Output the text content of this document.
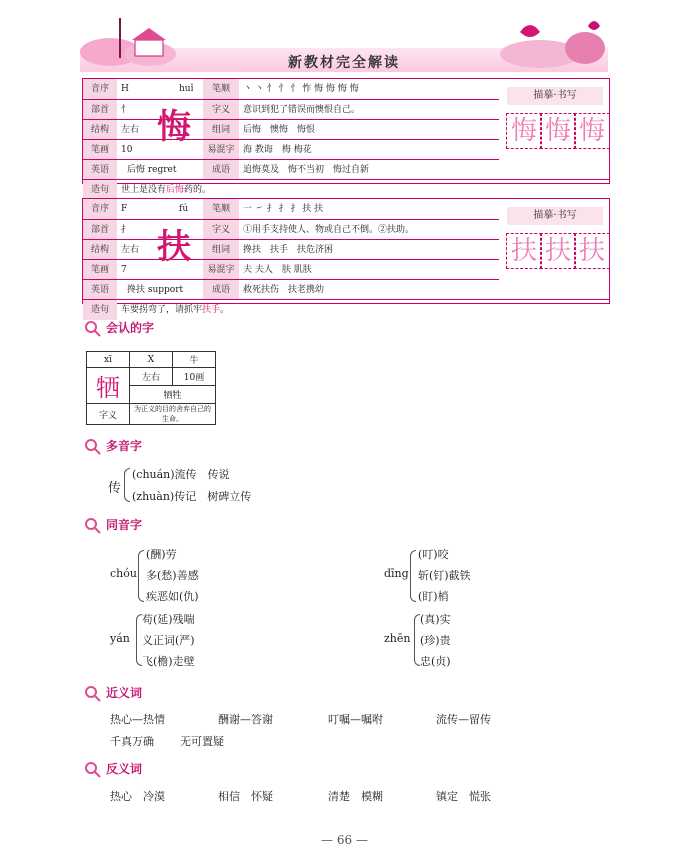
新教材完全解读
音序	H	huǐ	笔顺	丶 丶 忄 忄 忄 怍 悔 悔 悔 悔
部首	忄	字义	意识到犯了错误而懊恨自己。
结构	左右	组词	后悔　懊悔　悔恨
笔画	10	易混字 海 教诲　梅 梅花
英语	后悔 regret	成语	追悔莫及　悔不当初　悔过自新
悔
描摹·书写
悔 悔 悔
造句	世上是没有后悔药的。
音序	F	fú	笔顺	一 ㇀ 扌 扌 扌 扶 扶
部首	扌	字义	①用手支持使人、物或自己不倒。②扶助。
结构	左右	组词	搀扶　扶手　扶危济困
笔画	7	易混字 夫 夫人　肤 肌肤
英语	搀扶 support	成语	救死扶伤　扶老携幼
扶
描摹·书写
扶 扶 扶
造句	车要拐弯了，请抓牢扶手。
会认的字
xī	X	牛
牺	左右	10画
	牺牲	
字义	为正义的目的舍弃自己的生命。	
多音字
传
(chuán)流传　 传说
(zhuàn)传记　 树碑立传
同音字
chóu
(酬)劳
多(愁)善感
疾恶如(仇)
dīng
(叮)咬
斩(钉)截铁
(盯)梢
yán
苟(延)残喘
义正词(严)
飞(檐)走壁
zhēn
(真)实
(珍)贵
忠(贞)
近义词
热心—热情	酬谢—答谢	叮嘱—嘱咐	流传—留传
千真万确 无可置疑
反义词
热心　 冷漠	相信　 怀疑	清楚　 模糊	镇定　 慌张
— 66 —
